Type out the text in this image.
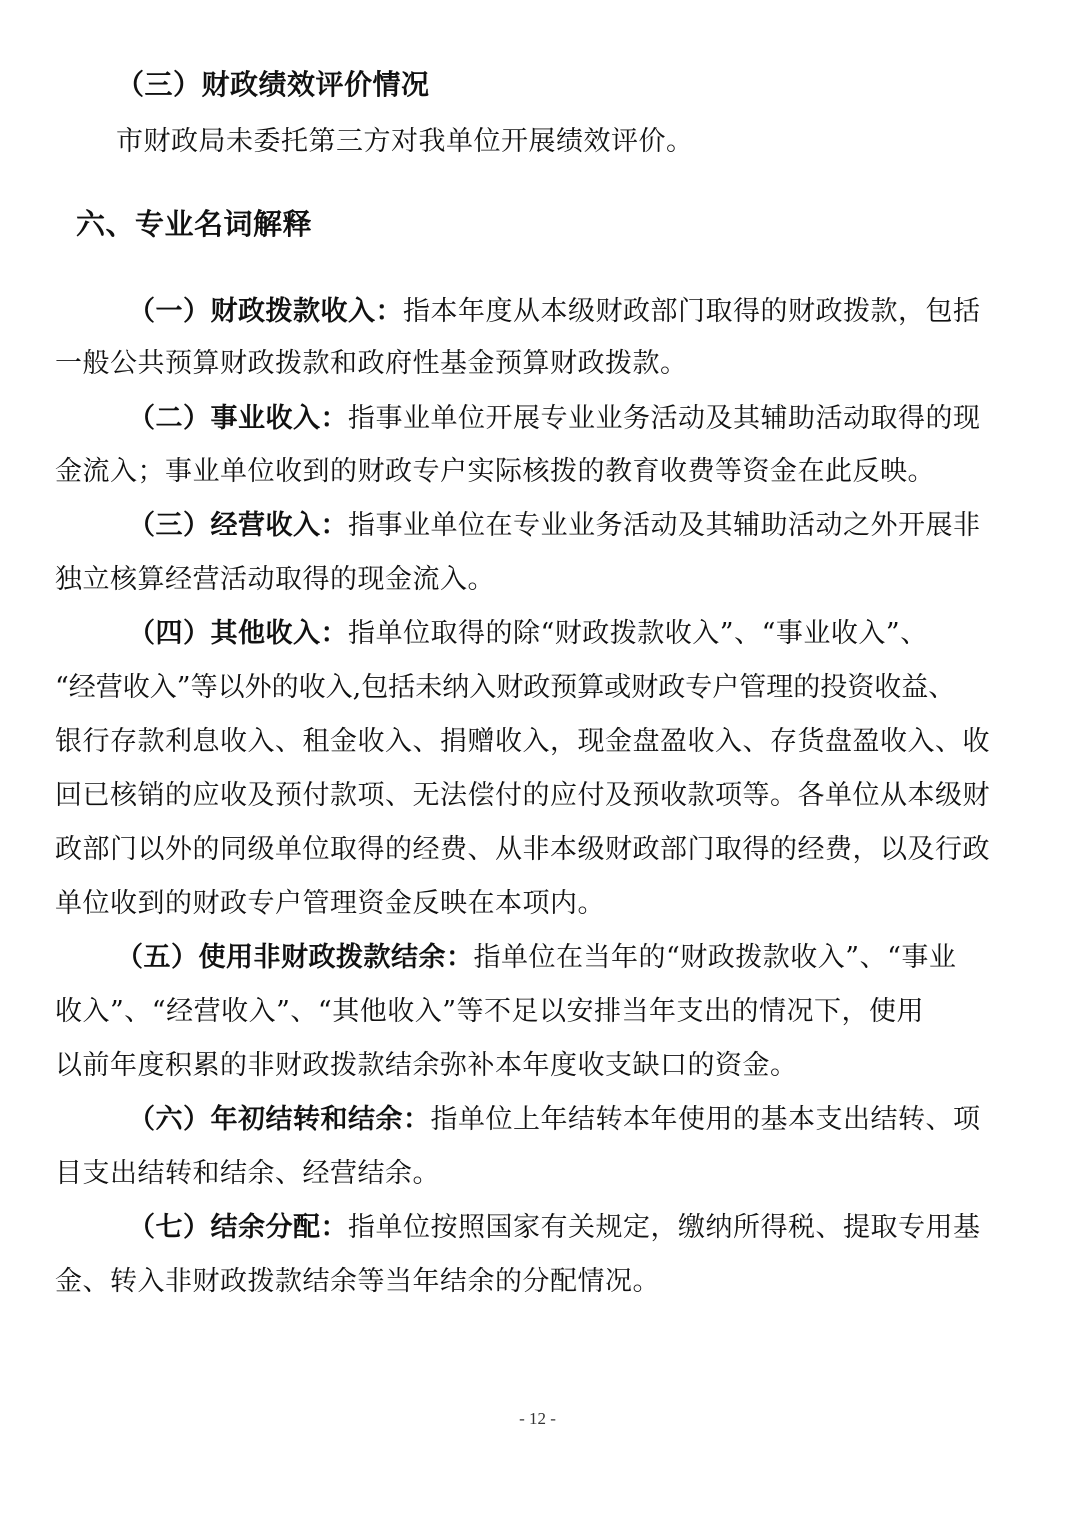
（三）财政绩效评价情况
市财政局未委托第三方对我单位开展绩效评价。
六、专业名词解释
（一）财政拨款收入：指本年度从本级财政部门取得的财政拨款，包括
一般公共预算财政拨款和政府性基金预算财政拨款。
（二）事业收入：指事业单位开展专业业务活动及其辅助活动取得的现
金流入；事业单位收到的财政专户实际核拨的教育收费等资金在此反映。
（三）经营收入：指事业单位在专业业务活动及其辅助活动之外开展非
独立核算经营活动取得的现金流入。
（四）其他收入：指单位取得的除“财政拨款收入”、“事业收入”、
“经营收入”等以外的收入,包括未纳入财政预算或财政专户管理的投资收益、
银行存款利息收入、租金收入、捐赠收入，现金盘盈收入、存货盘盈收入、收
回已核销的应收及预付款项、无法偿付的应付及预收款项等。各单位从本级财
政部门以外的同级单位取得的经费、从非本级财政部门取得的经费，以及行政
单位收到的财政专户管理资金反映在本项内。
（五）使用非财政拨款结余：指单位在当年的“财政拨款收入”、“事业
收入”、“经营收入”、“其他收入”等不足以安排当年支出的情况下，使用
以前年度积累的非财政拨款结余弥补本年度收支缺口的资金。
（六）年初结转和结余：指单位上年结转本年使用的基本支出结转、项
目支出结转和结余、经营结余。
（七）结余分配：指单位按照国家有关规定，缴纳所得税、提取专用基
金、转入非财政拨款结余等当年结余的分配情况。
- 12 -
